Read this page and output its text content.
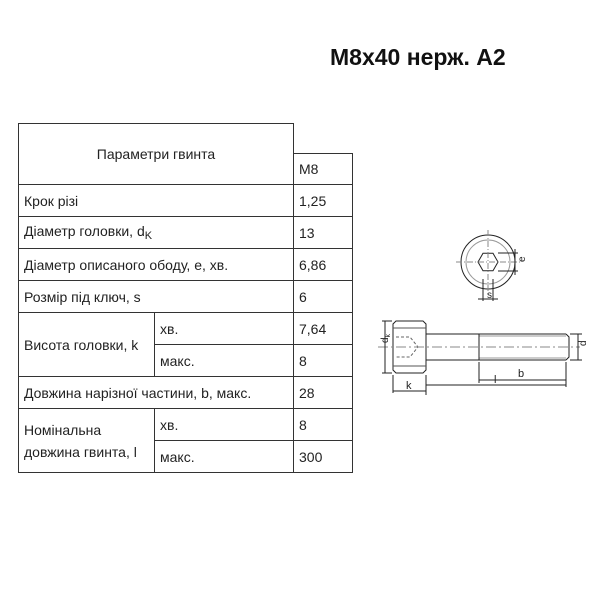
M8x40 нерж. A2
Параметри гвинта		
		M8
Крок різі		1,25
Діаметр головки, $d_K$		13
Діаметр описаного ободу, e, хв.		6,86
Розмір під ключ, s		6
Висота головки, k	хв.	7,64
	макс.	8
Довжина нарізної частини, b, макс.		28
Номінальна
довжина гвинта, l	хв.	8
	макс.	300
s
e
$d_k$
d
k
b
l
